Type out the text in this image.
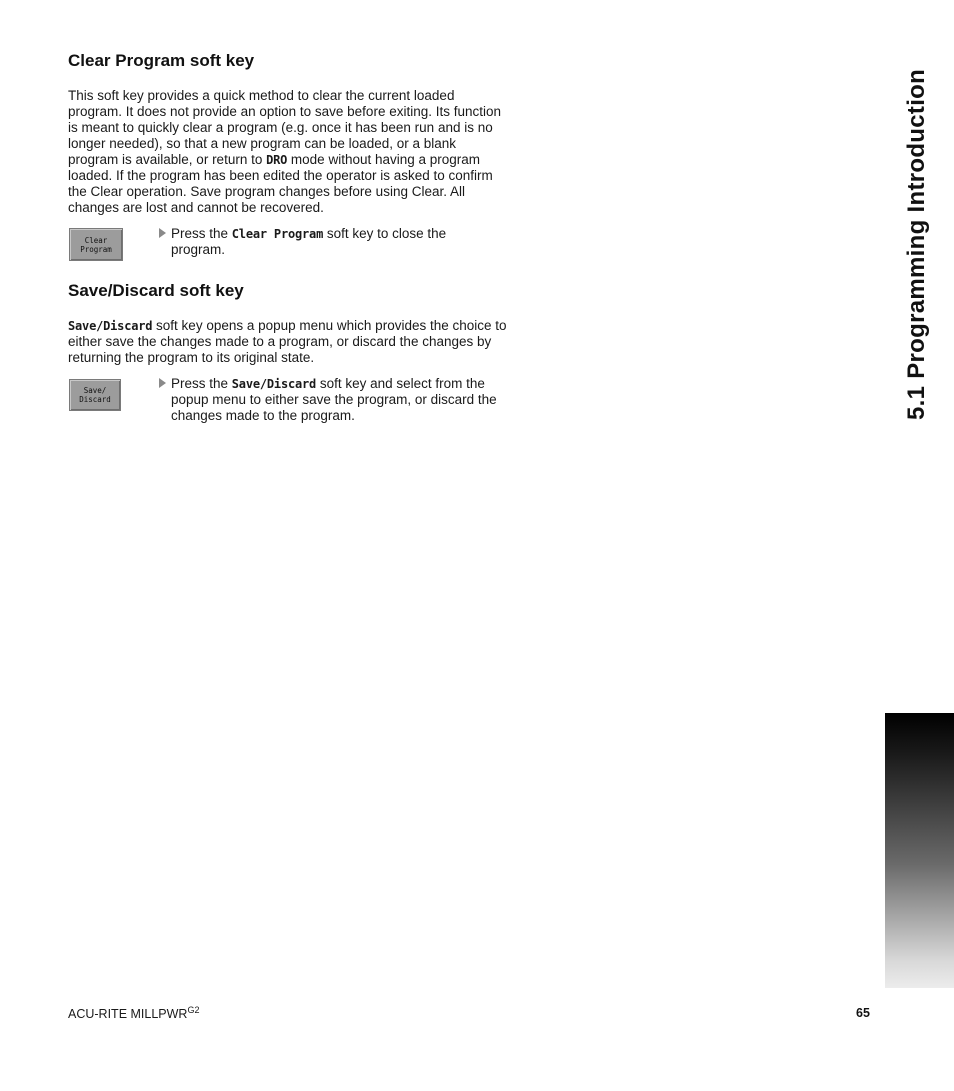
Clear Program soft key

This soft key provides a quick method to clear the current loaded program. It does not provide an option to save before exiting. Its function is meant to quickly clear a program (e.g. once it has been run and is no longer needed), so that a new program can be loaded, or a blank program is available, or return to DRO mode without having a program loaded. If the program has been edited the operator is asked to confirm the Clear operation. Save program changes before using Clear. All changes are lost and cannot be recovered.

Clear
Program
Press the Clear Program soft key to close the program.
Save/Discard soft key

Save/Discard soft key opens a popup menu which provides the choice to either save the changes made to a program, or discard the changes by returning the program to its original state.

Save/
Discard
Press the Save/Discard soft key and select from the popup menu to either save the program, or discard the changes made to the program.	5.1 Programming Introduction
ACU-RITE $MILLPWR^{G2}$	65
